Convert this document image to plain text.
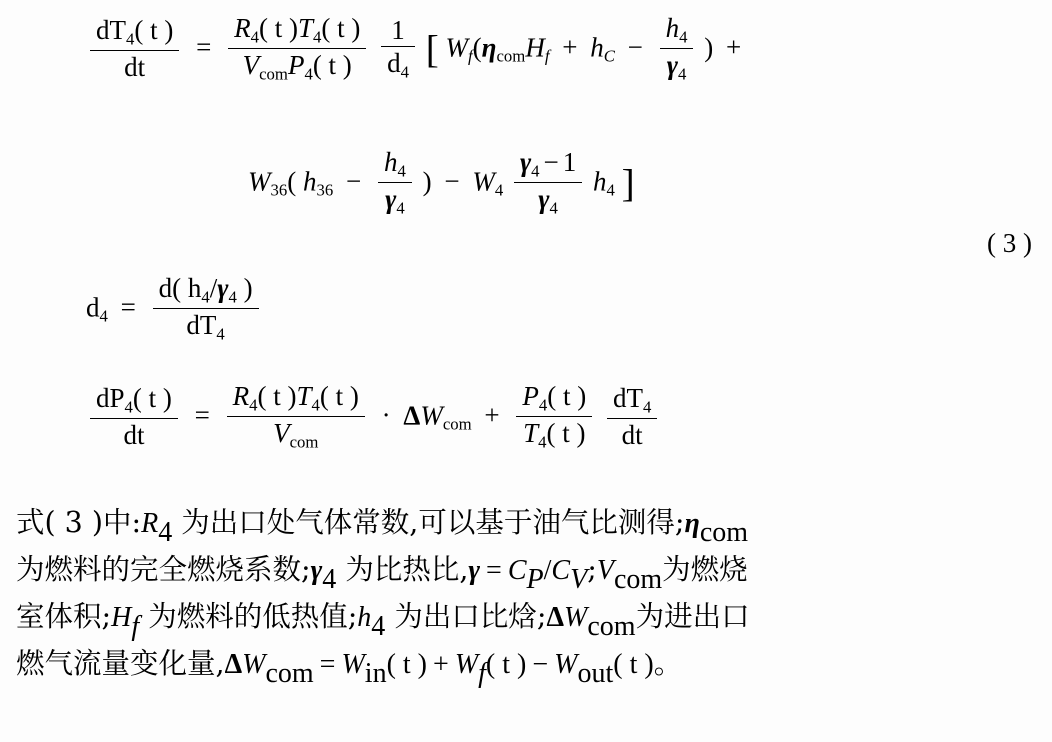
$\frac{dT_4( t )}{dt} = \frac{R_4( t )T_4( t )}{V_{com}P_4( t )}$
$\frac{1}{d_4}$ [ $W_f(\eta_{com}H_f + h_C - \frac{h_4}{\gamma_4}$ ) +
$W_{36}$( $h_{36} - \frac{h_4}{\gamma_4}$ ) − $W_4 \frac{\gamma_4 - 1}{\gamma_4} h_4$ ]
( 3 )
$d_4 = \frac{d( h_4/\gamma_4 )}{dT_4}$
$\frac{dP_4( t )}{dt} = \frac{R_4( t )T_4( t )}{V_{com}} \cdot \Delta W_{com} + \frac{P_4( t )}{T_4( t )}$
$\frac{dT_4}{dt}$
式( 3 )中:R4 为出口处气体常数,可以基于油气比测得;ηcom
为燃料的完全燃烧系数;γ4 为比热比,γ = CP/CV;Vcom为燃烧
室体积;Hf 为燃料的低热值;h4 为出口比焓;ΔWcom为进出口
燃气流量变化量,ΔWcom = Win( t ) + Wf( t ) − Wout( t )。
